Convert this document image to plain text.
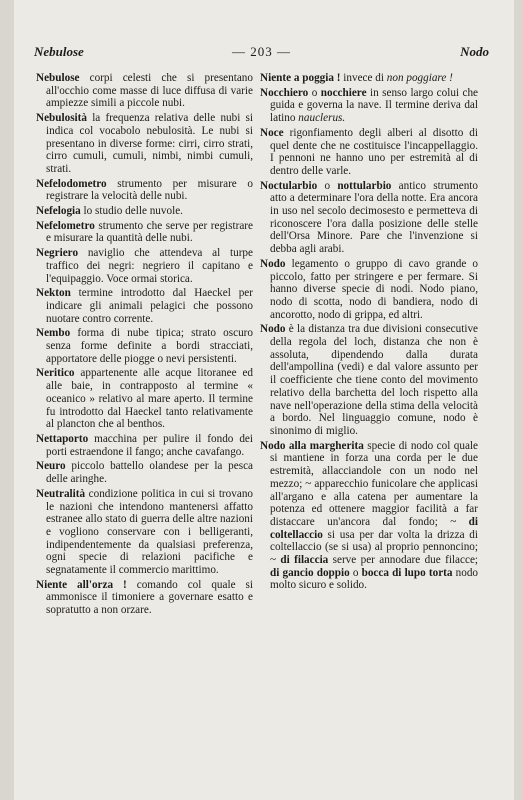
Nebulose	— 203 —	Nodo

Nebulose corpi celesti che si presentano all'occhio come masse di luce diffusa di varie ampiezze simili a piccole nubi.

Nebulosità la frequenza relativa delle nubi si indica col vocabolo nebulosità. Le nubi si presentano in diverse forme: cirri, cirro strati, cirro cumuli, cumuli, nimbi, nimbi cumuli, strati.

Nefelodometro strumento per misurare o registrare la velocità delle nubi.

Nefelogia lo studio delle nuvole.

Nefelometro strumento che serve per registrare e misurare la quantità delle nubi.

Negriero naviglio che attendeva al turpe traffico dei negri: negriero il capitano e l'equipaggio. Voce ormai storica.

Nekton termine introdotto dal Haeckel per indicare gli animali pelagici che possono nuotare contro corrente.

Nembo forma di nube tipica; strato oscuro senza forme definite a bordi stracciati, apportatore delle piogge o nevi persistenti.

Neritico appartenente alle acque litoranee ed alle baie, in contrapposto al termine « oceanico » relativo al mare aperto. Il termine fu introdotto dal Haeckel tanto relativamente al plancton che al benthos.

Nettaporto macchina per pulire il fondo dei porti estraendone il fango; anche cavafango.

Neuro piccolo battello olandese per la pesca delle aringhe.

Neutralità condizione politica in cui si trovano le nazioni che intendono mantenersi affatto estranee allo stato di guerra delle altre nazioni e vogliono conservare con i belligeranti, indipendentemente da qualsiasi preferenza, ogni specie di relazioni pacifiche e segnatamente il commercio marittimo.

Niente all'orza ! comando col quale si ammonisce il timoniere a governare esatto e sopratutto a non orzare.

Niente a poggia ! invece di non poggiare !

Nocchiero o nocchiere in senso largo colui che guida e governa la nave. Il termine deriva dal latino nauclerus.

Noce rigonfiamento degli alberi al disotto di quel dente che ne costituisce l'incappellaggio. I pennoni ne hanno uno per estremità al di dentro delle varle.

Noctularbio o nottularbio antico strumento atto a determinare l'ora della notte. Era ancora in uso nel secolo decimosesto e permetteva di riconoscere l'ora dalla posizione delle stelle dell'Orsa Minore. Pare che l'invenzione si debba agli arabi.

Nodo legamento o gruppo di cavo grande o piccolo, fatto per stringere e per fermare. Si hanno diverse specie di nodi. Nodo piano, nodo di scotta, nodo di bandiera, nodo di ancorotto, nodo di grippa, ed altri.

Nodo è la distanza tra due divisioni consecutive della regola del loch, distanza che non è assoluta, dipendendo dalla durata dell'ampollina (vedi) e dal valore assunto per il coefficiente che tiene conto del movimento relativo della barchetta del loch rispetto alla nave nell'operazione della stima della velocità a bordo. Nel linguaggio comune, nodo è sinonimo di miglio.

Nodo alla margherita specie di nodo col quale si mantiene in forza una corda per le due estremità, allacciandole con un nodo nel mezzo; ~ apparecchio funicolare che applicasi all'argano e alla catena per aumentare la potenza ed ottenere maggior facilità a far distaccare un'ancora dal fondo; ~ di coltellaccio si usa per dar volta la drizza di coltellaccio (se si usa) al proprio pennoncino; ~ di filaccia serve per annodare due filacce; di gancio doppio o bocca di lupo torta nodo molto sicuro e solido.
